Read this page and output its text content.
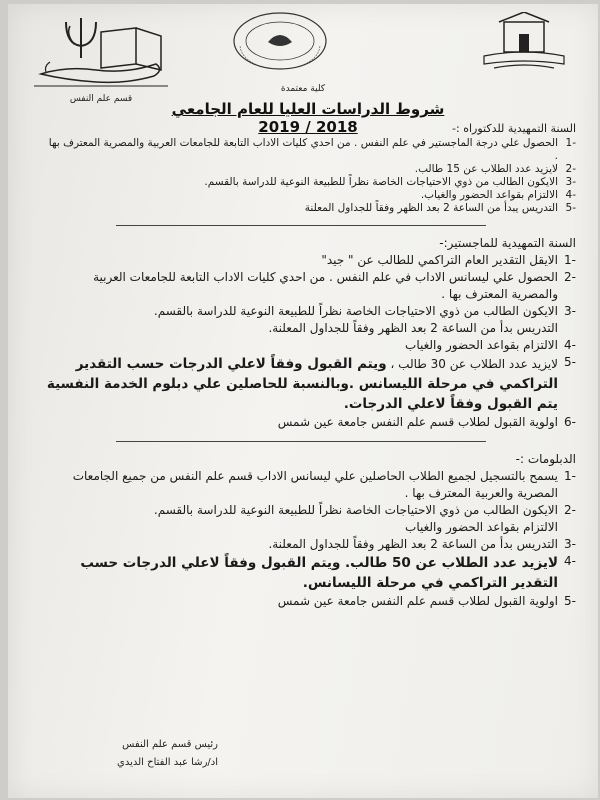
قسم علم النفس
كلية معتمدة
شروط الدراسات العليا للعام الجامعي 2018 / 2019	السنة التمهيدية للدكتوراه :-
-1
الحصول علي درجة الماجستير في علم النفس . من احدي كليات الاداب التابعة للجامعات العربية والمصرية المعترف بها .
-2
لايزيد عدد الطلاب عن 15 طالب.
-3
الايكون الطالب من ذوي الاحتياجات الخاصة نظراً للطبيعة النوعية للدراسة بالقسم.
-4
الالتزام بقواعد الحضور والغياب.
-5
التدريس يبدأ من الساعة 2 بعد الظهر وفقاً للجداول المعلنة
السنة التمهيدية للماجستير:-
-1
الايقل التقدير العام التراكمي للطالب عن " جيد"
-2
الحصول علي ليسانس الاداب في علم النفس . من احدي كليات الاداب التابعة للجامعات العربية والمصرية المعترف بها .
-3
الايكون الطالب من ذوي الاحتياجات الخاصة نظراً للطبيعة النوعية للدراسة بالقسم.
التدريس بدأ من الساعة 2 بعد الظهر وفقاً للجداول المعلنة.
-4
الالتزام بقواعد الحضور والغياب
-5
لايزيد عدد الطلاب عن 30 طالب ، ويتم القبول وفقاً لاعلي الدرجات حسب التقدير التراكمي في مرحلة الليسانس .وبالنسبة للحاصلين علي دبلوم الخدمة النفسية يتم القبول وفقاً لاعلي الدرجات.
-6
اولوية القبول لطلاب قسم علم النفس جامعة عين شمس
الدبلومات :-
-1
يسمح بالتسجيل لجميع الطلاب الحاصلين علي ليسانس الاداب قسم علم النفس من جميع الجامعات المصرية والعربية المعترف بها .
-2
الايكون الطالب من ذوي الاحتياجات الخاصة نظراً للطبيعة النوعية للدراسة بالقسم.
الالتزام بقواعد الحضور والغياب
-3
التدريس بدأ من الساعة 2 بعد الظهر وفقاً للجداول المعلنة.
-4
لايزيد عدد الطلاب عن 50 طالب. ويتم القبول وفقاً لاعلي الدرجات حسب التقدير التراكمي في مرحلة الليسانس.
-5
اولوية القبول لطلاب قسم علم النفس جامعة عين شمس
رئيس قسم علم النفس
اد/رشا عبد الفتاح الديدي
